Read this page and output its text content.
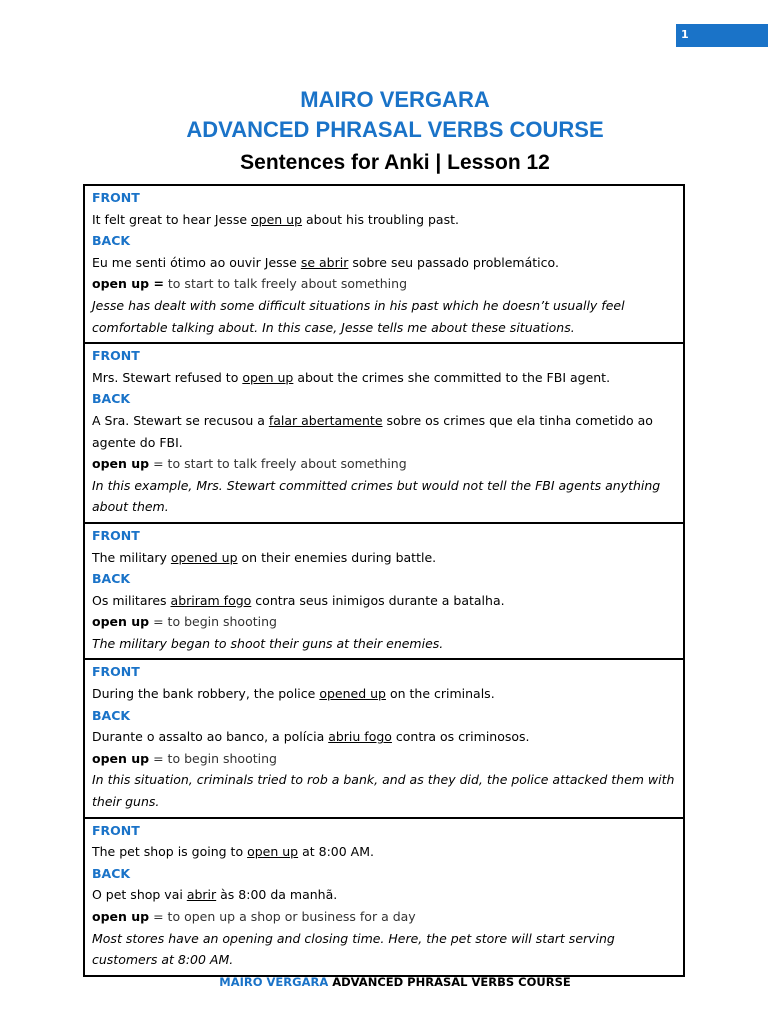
1
MAIRO VERGARA
ADVANCED PHRASAL VERBS COURSE
Sentences for Anki | Lesson 12
FRONT
It felt great to hear Jesse open up about his troubling past.
BACK
Eu me senti ótimo ao ouvir Jesse se abrir sobre seu passado problemático.
open up = to start to talk freely about something
Jesse has dealt with some difficult situations in his past which he doesn’t usually feel comfortable talking about. In this case, Jesse tells me about these situations.
FRONT
Mrs. Stewart refused to open up about the crimes she committed to the FBI agent.
BACK
A Sra. Stewart se recusou a falar abertamente sobre os crimes que ela tinha cometido ao agente do FBI.
open up = to start to talk freely about something
In this example, Mrs. Stewart committed crimes but would not tell the FBI agents anything about them.
FRONT
The military opened up on their enemies during battle.
BACK
Os militares abriram fogo contra seus inimigos durante a batalha.
open up = to begin shooting
The military began to shoot their guns at their enemies.
FRONT
During the bank robbery, the police opened up on the criminals.
BACK
Durante o assalto ao banco, a polícia abriu fogo contra os criminosos.
open up = to begin shooting
In this situation, criminals tried to rob a bank, and as they did, the police attacked them with their guns.
FRONT
The pet shop is going to open up at 8:00 AM.
BACK
O pet shop vai abrir às 8:00 da manhã.
open up = to open up a shop or business for a day
Most stores have an opening and closing time. Here, the pet store will start serving customers at 8:00 AM.
MAIRO VERGARA ADVANCED PHRASAL VERBS COURSE
